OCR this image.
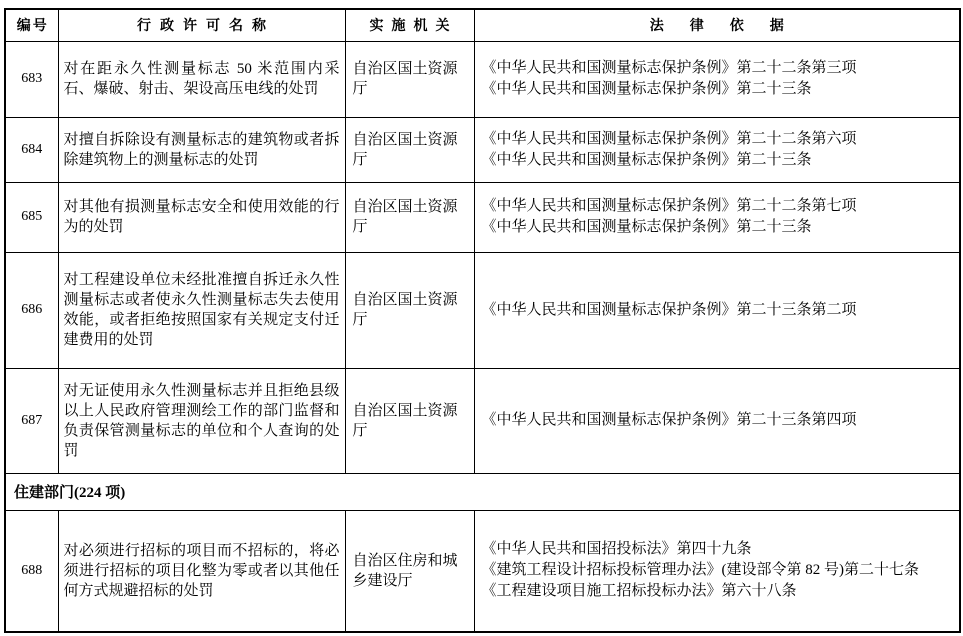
编号	行政许可名称	实施机关	法律依据
683	对在距永久性测量标志 50 米范围内采石、爆破、射击、架设高压电线的处罚	自治区国土资源厅	《中华人民共和国测量标志保护条例》第二十二条第三项
《中华人民共和国测量标志保护条例》第二十三条

684	对擅自拆除设有测量标志的建筑物或者拆除建筑物上的测量标志的处罚	自治区国土资源厅	《中华人民共和国测量标志保护条例》第二十二条第六项
《中华人民共和国测量标志保护条例》第二十三条

685	对其他有损测量标志安全和使用效能的行为的处罚	自治区国土资源厅	《中华人民共和国测量标志保护条例》第二十二条第七项
《中华人民共和国测量标志保护条例》第二十三条

686	对工程建设单位未经批准擅自拆迁永久性测量标志或者使永久性测量标志失去使用效能，或者拒绝按照国家有关规定支付迁建费用的处罚	自治区国土资源厅	《中华人民共和国测量标志保护条例》第二十三条第二项

687	对无证使用永久性测量标志并且拒绝县级以上人民政府管理测绘工作的部门监督和负责保管测量标志的单位和个人查询的处罚	自治区国土资源厅	《中华人民共和国测量标志保护条例》第二十三条第四项

住建部门(224 项)			
688	对必须进行招标的项目而不招标的，将必须进行招标的项目化整为零或者以其他任何方式规避招标的处罚	自治区住房和城乡建设厅	《中华人民共和国招投标法》第四十九条
《建筑工程设计招标投标管理办法》(建设部令第 82 号)第二十七条
《工程建设项目施工招标投标办法》第六十八条
